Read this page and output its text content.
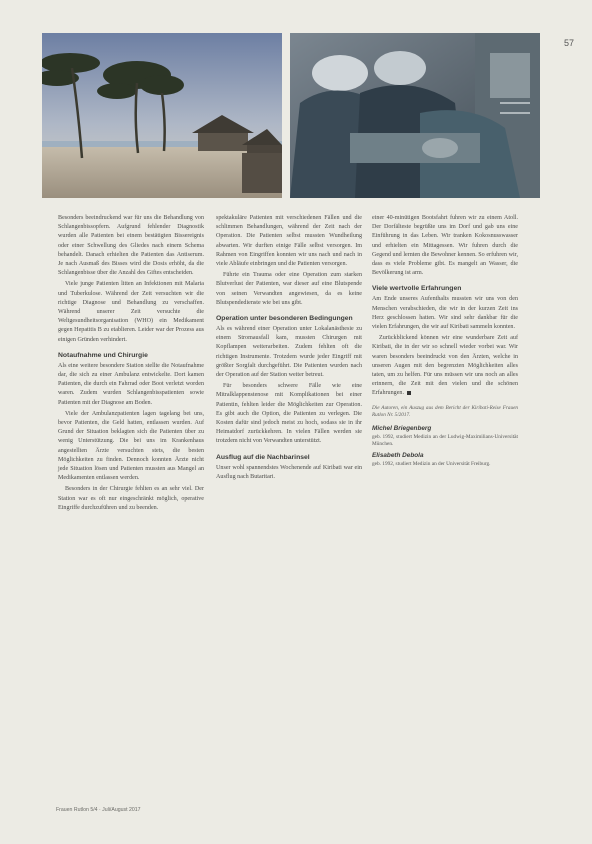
57

Besonders beeindruckend war für uns die Behandlung von Schlangenbissopfern. Aufgrund fehlender Diagnostik wurden alle Patienten bei einem bestätigten Bissereignis oder einer Schwellung des Gliedes nach einem Schema behandelt. Danach erhielten die Patienten das Antiserum. Je nach Ausmaß des Bisses wird die Dosis erhöht, da die Schlangenbisse über die Anzahl des Giftes entscheiden.

Viele junge Patienten litten an Infektionen mit Malaria und Tuberkulose. Während der Zeit versuchten wir die richtige Diagnose und Behandlung zu verschaffen. Während unserer Zeit versuchte die Weltgesundheitsorganisation (WHO) ein Medikament gegen Hepatitis B zu etablieren. Leider war der Prozess aus einigen Gründen verhindert.

Notaufnahme und Chirurgie

Als eine weitere besondere Station stellte die Notaufnahme dar, die sich zu einer Ambulanz entwickelte. Dort kamen Patienten, die durch ein Fahrrad oder Boot verletzt worden waren. Zudem wurden Schlangenbisspatienten sowie Patienten mit der Diagnose am Boden.

Viele der Ambulanzpatienten lagen tagelang bei uns, bevor Patienten, die Geld hatten, entlassen wurden. Auf Grund der Situation beklagten sich die Patienten über zu wenig Unterstützung. Die bei uns im Krankenhaus angestellten Ärzte versuchten stets, die besten Möglichkeiten zu finden. Dennoch konnten Ärzte nicht jede Situation lösen und Patienten mussten aus Mangel an Medikamenten entlassen werden.

Besonders in der Chirurgie fehlten es an sehr viel. Der Station war es oft nur eingeschränkt möglich, operative Eingriffe durchzuführen und zu beenden.

spektakuläre Patienten mit verschiedenen Fällen und die schlimmen Behandlungen, während der Zeit nach der Operation. Die Patienten selbst mussten Wundheilung abwarten. Wir durften einige Fälle selbst versorgen. Im Rahmen von Eingriffen konnten wir uns nach und nach in viele Abläufe einbringen und die Patienten versorgen.

Führte ein Trauma oder eine Operation zum starken Blutverlust der Patienten, war dieser auf eine Blutspende von seinen Verwandten angewiesen, da es keine Blutspendedienste wie bei uns gibt.

Operation unter besonderen Bedingungen

Als es während einer Operation unter Lokalanästhesie zu einem Stromausfall kam, mussten Chirurgen mit Kopflampen weiterarbeiten. Zudem fehlten oft die richtigen Instrumente. Trotzdem wurde jeder Eingriff mit größter Sorgfalt durchgeführt. Die Patienten wurden nach der Operation auf der Station weiter betreut.

Für besonders schwere Fälle wie eine Mitralklappenstenose mit Komplikationen bei einer Patientin, fehlten leider die Möglichkeiten zur Operation. Es gibt auch die Option, die Patienten zu verlegen. Die Kosten dafür sind jedoch meist zu hoch, sodass sie in ihr Heimatdorf zurückkehren. In vielen Fällen werden sie trotzdem nicht von Verwandten unterstützt.

Ausflug auf die Nachbarinsel

Unser wohl spannendstes Wochenende auf Kiribati war ein Ausflug nach Butaritari.

einer 40-minütigen Bootsfahrt fuhren wir zu einem Atoll. Der Dorfälteste begrüßte uns im Dorf und gab uns eine Einführung in das Leben. Wir tranken Kokosnusswasser und erhielten ein Mittagessen. Wir fuhren durch die Gegend und lernten die Bewohner kennen. So erfuhren wir, dass es viele Probleme gibt. Es mangelt an Wasser, die Bevölkerung ist arm.

Viele wertvolle Erfahrungen

Am Ende unseres Aufenthalts mussten wir uns von den Menschen verabschieden, die wir in der kurzen Zeit ins Herz geschlossen hatten. Wir sind sehr dankbar für die vielen Erfahrungen, die wir auf Kiribati sammeln konnten.

Zurückblickend können wir eine wunderbare Zeit auf Kiribati, die in der wir so schnell wieder vorbei war. Wir waren besonders beeindruckt von den Ärzten, welche in unseren Augen mit den begrenzten Möglichkeiten alles taten, um zu helfen. Für uns müssen wir uns noch an alles erinnern, die Zeit mit den vielen und die schönen Erfahrungen.

Die Autoren, ein Auszug aus dem Bericht der Kiribati-Reise Frauen Rutlon Nr. 5/2017.
Michel Briegenberg
geb. 1992, studiert Medizin an der Ludwig-Maximilians-Universität München.
Elisabeth Debola
geb. 1992, studiert Medizin an der Universität Freiburg.
Frauen Rutlon 5/4 · Juli/August 2017
